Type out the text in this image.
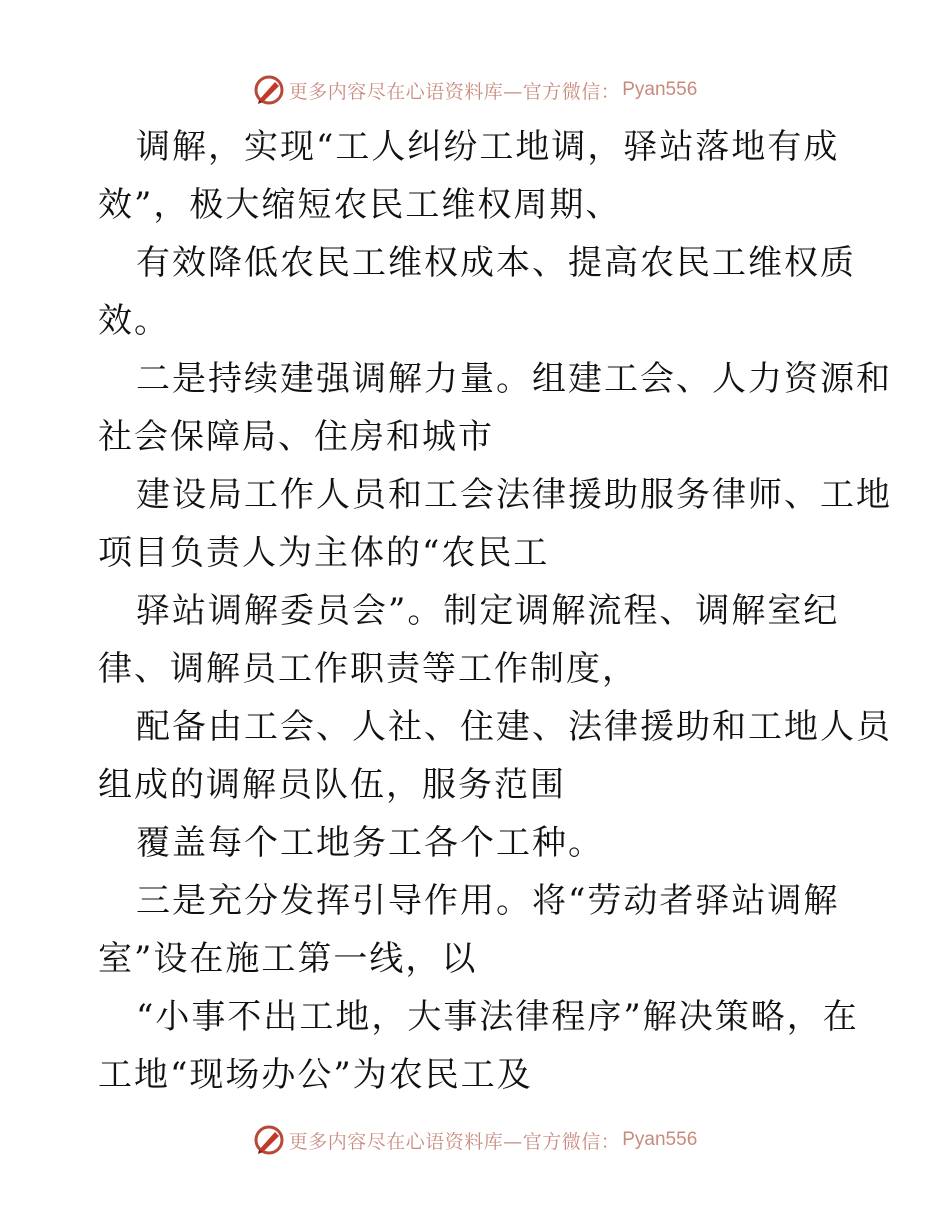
更多内容尽在心语资料库—官方微信： Pyan556
调解，实现“工人纠纷工地调，驿站落地有成
效”，极大缩短农民工维权周期、
有效降低农民工维权成本、提高农民工维权质
效。
二是持续建强调解力量。组建工会、人力资源和
社会保障局、住房和城市
建设局工作人员和工会法律援助服务律师、工地
项目负责人为主体的“农民工
驿站调解委员会”。制定调解流程、调解室纪
律、调解员工作职责等工作制度，
配备由工会、人社、住建、法律援助和工地人员
组成的调解员队伍，服务范围
覆盖每个工地务工各个工种。
三是充分发挥引导作用。将“劳动者驿站调解
室”设在施工第一线，以
“小事不出工地，大事法律程序”解决策略，在
工地“现场办公”为农民工及
更多内容尽在心语资料库—官方微信： Pyan556
